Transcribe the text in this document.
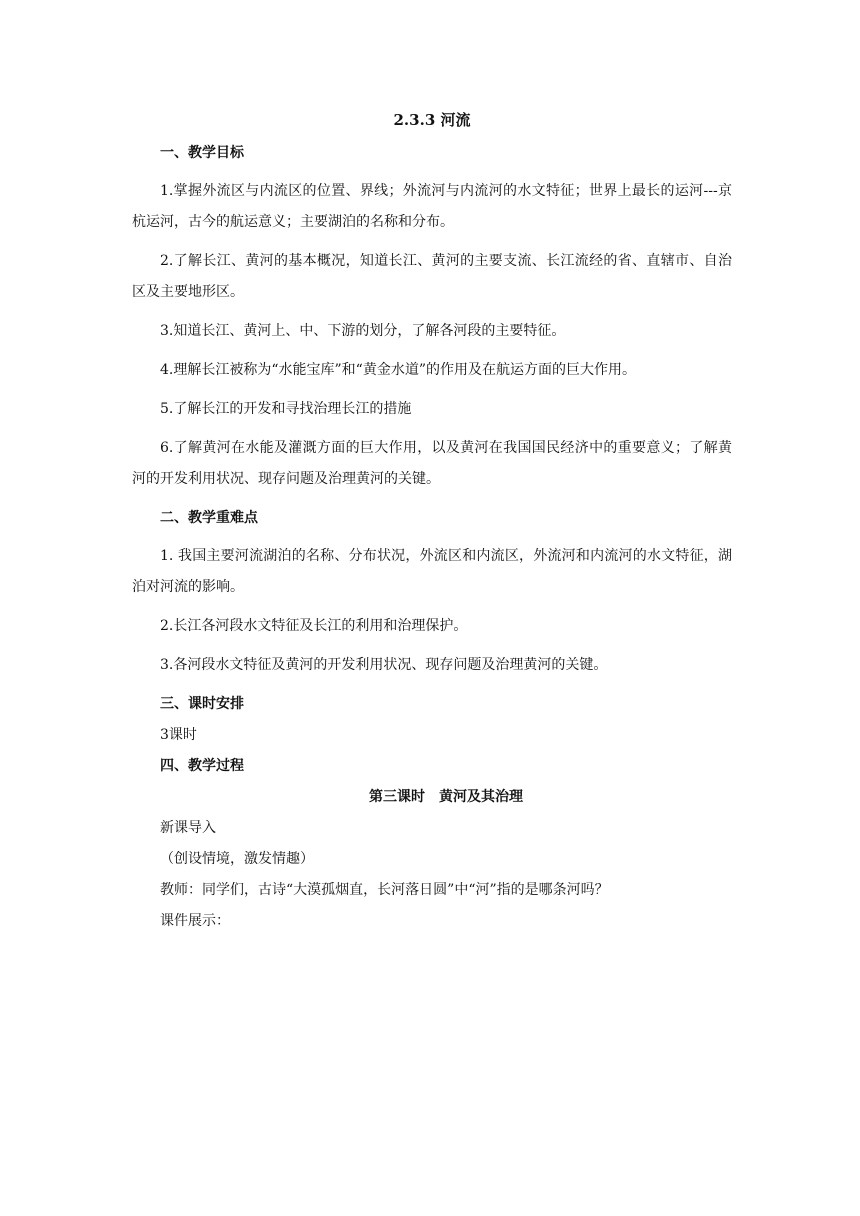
2.3.3 河流
一、教学目标
1.掌握外流区与内流区的位置、界线；外流河与内流河的水文特征；世界上最长的运河---京杭运河，古今的航运意义；主要湖泊的名称和分布。
2.了解长江、黄河的基本概况，知道长江、黄河的主要支流、长江流经的省、直辖市、自治区及主要地形区。
3.知道长江、黄河上、中、下游的划分，了解各河段的主要特征。
4.理解长江被称为“水能宝库”和“黄金水道”的作用及在航运方面的巨大作用。
5.了解长江的开发和寻找治理长江的措施
6.了解黄河在水能及灌溉方面的巨大作用，以及黄河在我国国民经济中的重要意义；了解黄河的开发利用状况、现存问题及治理黄河的关键。
二、教学重难点
1. 我国主要河流湖泊的名称、分布状况，外流区和内流区，外流河和内流河的水文特征，湖泊对河流的影响。
2.长江各河段水文特征及长江的利用和治理保护。
3.各河段水文特征及黄河的开发利用状况、现存问题及治理黄河的关键。
三、课时安排
3课时
四、教学过程
第三课时　黄河及其治理
新课导入
（创设情境，激发情趣）
教师：同学们，古诗“大漠孤烟直，长河落日圆”中“河”指的是哪条河吗？
课件展示：
